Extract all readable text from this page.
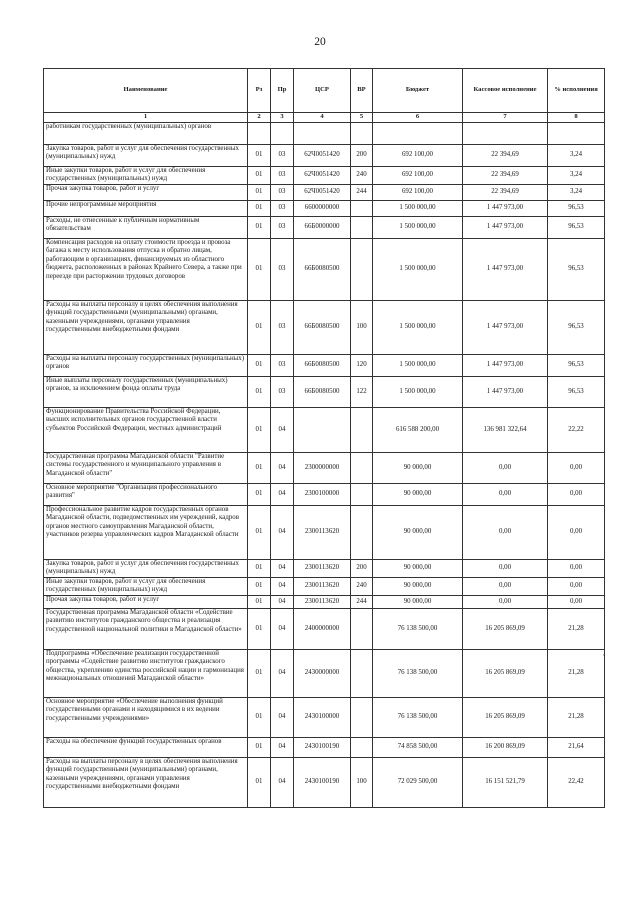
20
Наименование	Рз	Пр	ЦСР	ВР	Бюджет	Кассовое исполнение	% исполнения
1	2	3	4	5	6	7	8
работникам государственных (муниципальных) органов							
Закупка товаров, работ и услуг для обеспечения государственных (муниципальных) нужд	01	03	62Ч0051420	200	692 100,00	22 394,69	3,24
Иные закупки товаров, работ и услуг для обеспечения государственных (муниципальных) нужд	01	03	62Ч0051420	240	692 100,00	22 394,69	3,24
Прочая закупка товаров, работ и услуг	01	03	62Ч0051420	244	692 100,00	22 394,69	3,24
Прочие непрограммные мероприятия	01	03	6600000000		1 500 000,00	1 447 973,00	96,53
Расходы, не отнесенные к публичным нормативным обязательствам	01	03	66Б0000000		1 500 000,00	1 447 973,00	96,53
Компенсация расходов на оплату стоимости проезда и провоза багажа к месту использования отпуска и обратно лицам, работающим в организациях, финансируемых из областного бюджета, расположенных в районах Крайнего Севера, а также при переезде при расторжении трудовых договоров	01	03	66Б0080500		1 500 000,00	1 447 973,00	96,53
Расходы на выплаты персоналу в целях обеспечения выполнения функций государственными (муниципальными) органами, казенными учреждениями, органами управления государственными внебюджетными фондами	01	03	66Б0080500	100	1 500 000,00	1 447 973,00	96,53
Расходы на выплаты персоналу государственных (муниципальных) органов	01	03	66Б0080500	120	1 500 000,00	1 447 973,00	96,53
Иные выплаты персоналу государственных (муниципальных) органов, за исключением фонда оплаты труда	01	03	66Б0080500	122	1 500 000,00	1 447 973,00	96,53
Функционирование Правительства Российской Федерации, высших исполнительных органов государственной власти субъектов Российской Федерации, местных администраций	01	04			616 588 200,00	136 981 322,64	22,22
Государственная программа Магаданской области "Развитие системы государственного и муниципального управления в Магаданской области"	01	04	2300000000		90 000,00	0,00	0,00
Основное мероприятие "Организация профессионального развития"	01	04	2300100000		90 000,00	0,00	0,00
Профессиональное развитие кадров государственных органов Магаданской области, подведомственных им учреждений, кадров органов местного самоуправления Магаданской области, участников резерва управленческих кадров Магаданской области	01	04	2300113620		90 000,00	0,00	0,00
Закупка товаров, работ и услуг для обеспечения государственных (муниципальных) нужд	01	04	2300113620	200	90 000,00	0,00	0,00
Иные закупки товаров, работ и услуг для обеспечения государственных (муниципальных) нужд	01	04	2300113620	240	90 000,00	0,00	0,00
Прочая закупка товаров, работ и услуг	01	04	2300113620	244	90 000,00	0,00	0,00
Государственная программа Магаданской области «Содействие развитию институтов гражданского общества и реализация государственной национальной политики в Магаданской области»	01	04	2400000000		76 138 500,00	16 205 869,09	21,28
Подпрограмма «Обеспечение реализации государственной программы «Содействие развитию институтов гражданского общества, укреплению единства российской нации и гармонизация межнациональных отношений Магаданской области»	01	04	2430000000		76 138 500,00	16 205 869,09	21,28
Основное мероприятие «Обеспечение выполнения функций государственными органами и находящимися в их ведении государственными учреждениями»	01	04	2430100000		76 138 500,00	16 205 869,09	21,28
Расходы на обеспечение функций государственных органов	01	04	2430100190		74 858 500,00	16 200 869,09	21,64
Расходы на выплаты персоналу в целях обеспечения выполнения функций государственными (муниципальными) органами, казенными учреждениями, органами управления государственными внебюджетными фондами	01	04	2430100190	100	72 029 500,00	16 151 521,79	22,42
·
